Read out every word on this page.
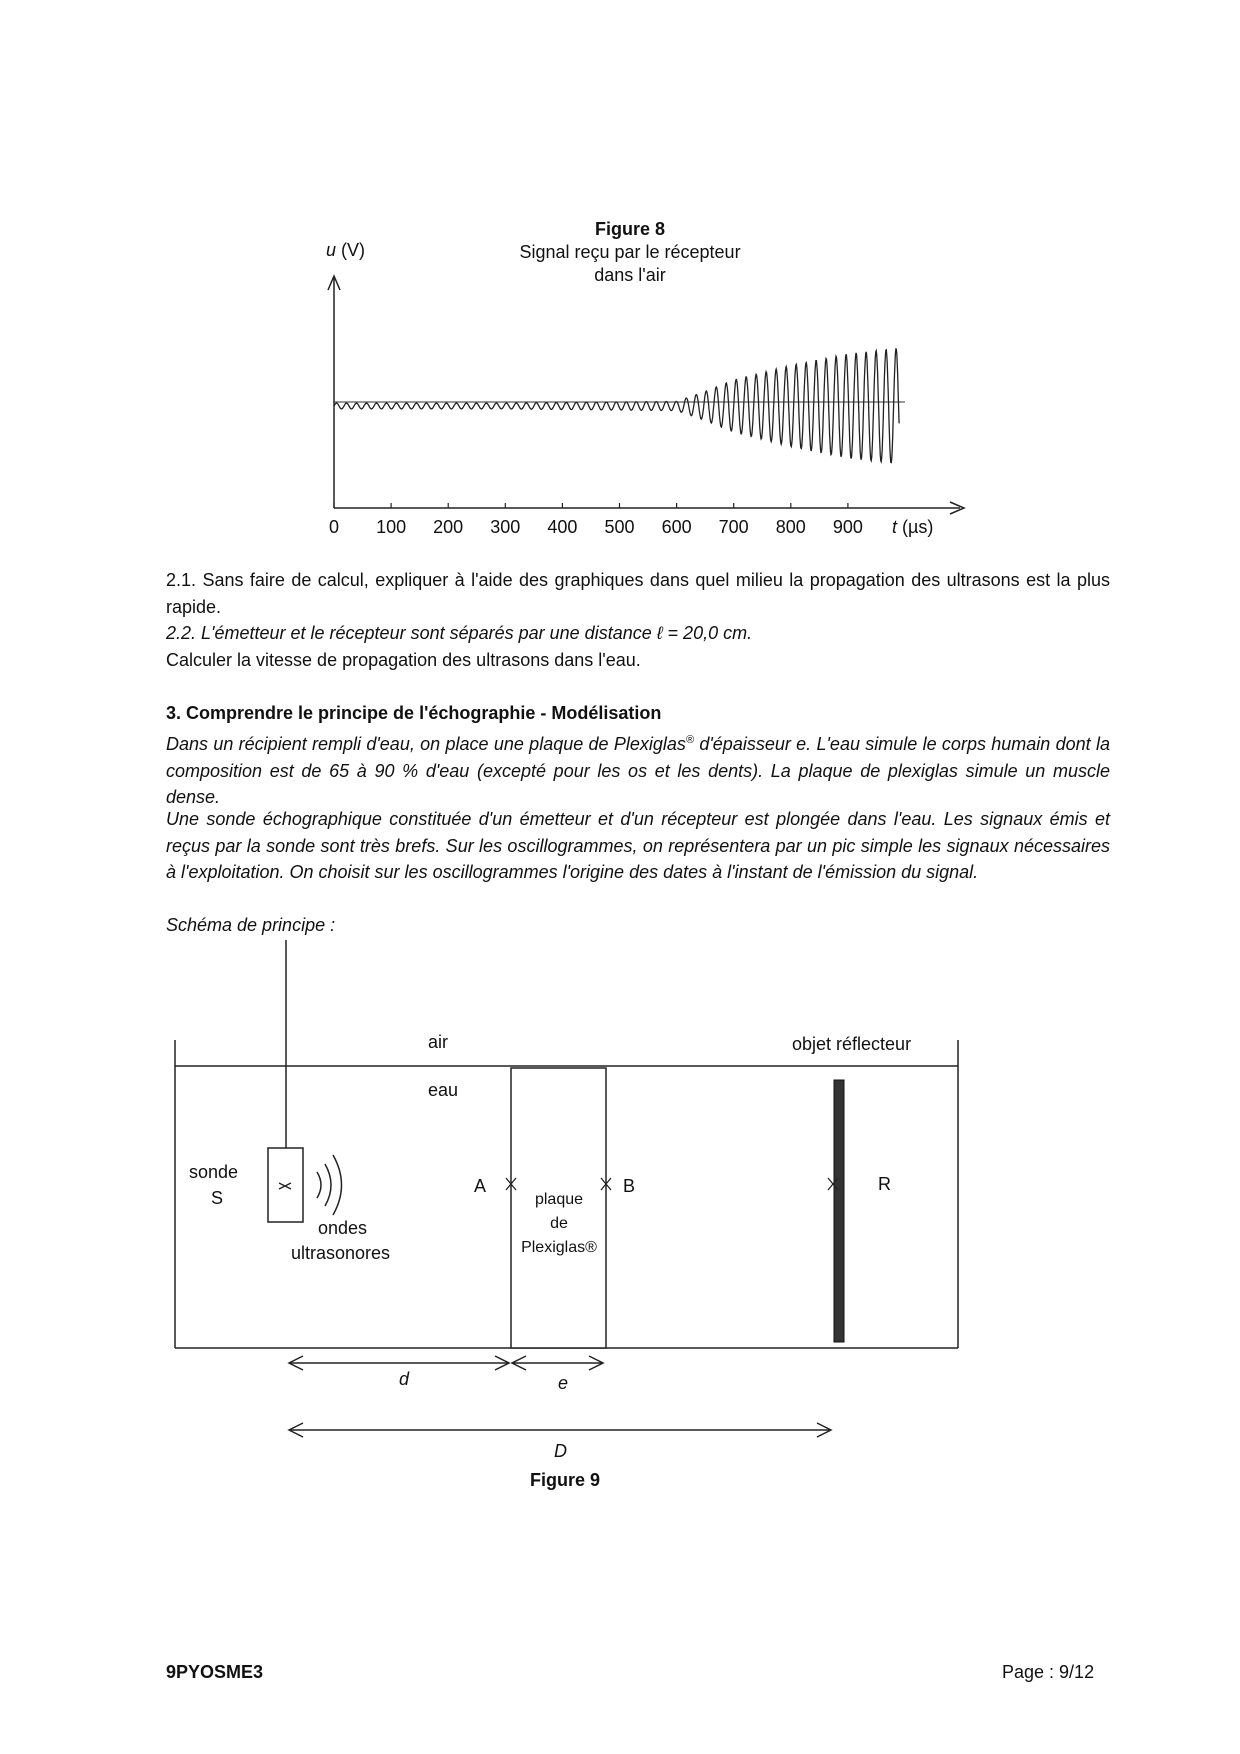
Figure 8
Signal reçu par le récepteur
dans l'air
u (V)
0 100 200 300 400 500 600 700 800 900 t (µs)
2.1. Sans faire de calcul, expliquer à l'aide des graphiques dans quel milieu la propagation des ultrasons est la plus rapide.
2.2. L'émetteur et le récepteur sont séparés par une distance ℓ = 20,0 cm.
Calculer la vitesse de propagation des ultrasons dans l'eau.
3. Comprendre le principe de l'échographie - Modélisation
Dans un récipient rempli d'eau, on place une plaque de Plexiglas® d'épaisseur e. L'eau simule le corps humain dont la composition est de 65 à 90 % d'eau (excepté pour les os et les dents). La plaque de plexiglas simule un muscle dense.
Une sonde échographique constituée d'un émetteur et d'un récepteur est plongée dans l'eau. Les signaux émis et reçus par la sonde sont très brefs. Sur les oscillogrammes, on représentera par un pic simple les signaux nécessaires à l'exploitation. On choisit sur les oscillogrammes l'origine des dates à l'instant de l'émission du signal.
Schéma de principe :
air	objet réflecteur
eau
sonde
S
ondes
ultrasonores
A	B	R
plaque
de
Plexiglas®
d	e
D
Figure 9
9PYOSME3	Page : 9/12
